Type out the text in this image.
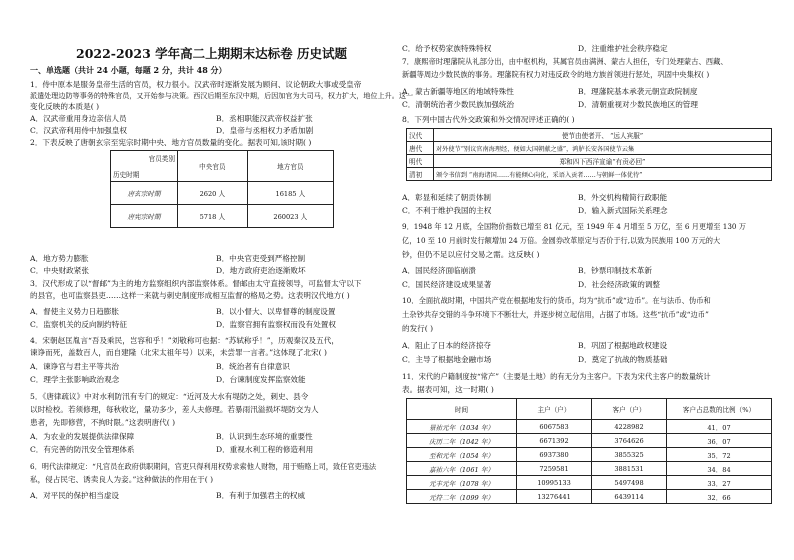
2022-2023 学年高二上期期末达标卷 历史试题
一、单选题（共计 24 小题，每题 2 分，共计 48 分）
1．侍中原本是服务皇帝生活的官员，权力很小。汉武帝时逐渐发展为顾问、议论朝政大事或受皇帝
派遣处理边防等事务的特殊官员，又开始参与决策。西汉后期至东汉中期，后因加官为大司马，权力扩大，地位上升。这一
变化反映的本质是( )
A．汉武帝重用身边亲信人员	B．丞相职能汉武帝权益扩张
C．汉武帝利用侍中加强皇权	D．皇帝与丞相权力矛盾加剧
2．下表反映了唐朝玄宗至宪宗时期中央、地方官员数量的变化。据表可知,该时期( )
官员类别
历史时期	中央官员	地方官员
唐玄宗时期	2620 人	16185 人
唐宪宗时期	5718 人	260023 人
A．地方势力膨胀	B．中央官吏受到严格控制
C．中央财政紧张	D．地方政府吏治逐渐败坏
3．汉代形成了以“督邮”为主的地方监察组织内部监察体系。督邮由太守直接领导，可监督太守以下
的县官，也可监察县吏……这样一来就与刺史制度形成相互监督的格局之势。这表明汉代地方( )
A．督使主义势力日趋膨胀	B．以小督大、以卑督尊的制度设置
C．监察机关的反向制约特征	D．监察官拥有监察权而没有处置权
4．宋朝赵匡胤言“吾及乘民，岂容和乎！”刘敬称可也据：“苏轼称乎！”，历观秦汉及五代，
谏诤而死，盖数百人，而自建隆（北宋太祖年号）以来，未尝罪一言者。”这体现了北宋( )
A．谏诤官与君主平等共治	B．统治者有自律意识
C．理学主张影响政治观念	D．台谏制度发挥监察效能
5．《唐律疏议》中对水利防汛有专门的规定：“近河及大水有堤防之处，刺史、县令
以时检校。若须修理，每秋收讫，量功多少，差人夫修理。若暴雨汛溢损坏堤防交为人
患者，先即修营，不拘时限。”这表明唐代( )
A．为农业的发展提供法律保障	B．认识到生态环境的重要性
C．有完善的防汛安全管理体系	D．重视水利工程的修造利用
6．明代法律规定：“凡官员在政府供职期间，官吏只得利用权势求索他人财物，用于贿赂上司，致任官吏违法
私，侵占民宅、诱卖良人为妾。”这种做法的作用在于( )
A．对平民的保护相当虚设	B．有利于加强君主的权威
C．给予权势家族特殊特权	D．注重维护社会秩序稳定
7．康熙帝时理藩院从礼部分出，由中枢机构，其属官员由满洲、蒙古人担任，专门处理蒙古、西藏、
新疆等周边少数民族的事务。理藩院有权力对违反政令的地方族首领进行惩处，巩固中央集权( )
A．蒙古新疆等地区的地域特殊性	B．理藩院基本承袭元朝宣政院制度
C．清朝统治者少数民族加强统治	D．清朝重视对少数民族地区的管理
8．下列中国古代外交政策和外交情况评述正确的( )
汉代	使节由使者开、 “远人宾服”
唐代	对外使节“别议官南海理经，便如大国朝献之盛”，鸿胪长安各国使节云集
明代	郑和四下西洋宣谕“有贡必回”
清初	颁令书信到 “南海诸国……有能倾心向化，采语入贡者……与朝鲜一体优待”
A．彰显和延续了朝贡体制	B．外交机构精简行政职能
C．不利于维护我国的主权	D．输入新式国际关系理念
9．1948 年 12 月底，全国物价指数已增至 81 亿元，至 1949 年 4 月增至 5 万亿，至 6 月更增至 130 万
亿，10 至 10 月前时发行额增加 24 万倍。金圆券改革原定与否价于行,以致为民族用 100 万元的大
钞，但仍不足以应付交易之需。这反映( )
A．国民经济面临崩溃	B．钞票印制技术革新
C．国民经济建设成果显著	D．社会经济政策的调整
10．全面抗战时期，中国共产党在根据地发行的货币，均为“抗币”或“边币”。在与法币、伪币和
土杂钞共存交错的斗争环境下不断壮大，并逐步树立起信用，占据了市场。这些“抗币”或“边币”
的发行( )
A．阻止了日本的经济掠夺	B．巩固了根据地政权建设
C．主导了根据地金融市场	D．奠定了抗战的物质基础
11．宋代的户籍制度按“常产”（主要是土地）的有无分为主客户。下表为宋代主客户的数量统计
表。据表可知，这一时期( )
时间	主户（户）	客户（户）	客户占总数的比例（%）
景祐元年（1034 年）	6067583	4228982	41．07
庆历二年（1042 年）	6671392	3764626	36．07
至和元年（1054 年）	6937380	3855325	35．72
嘉祐六年（1061 年）	7259581	3881531	34．84
元丰元年（1078 年）	10995133	5497498	33．27
元符二年（1099 年）	13276441	6439114	32．66
